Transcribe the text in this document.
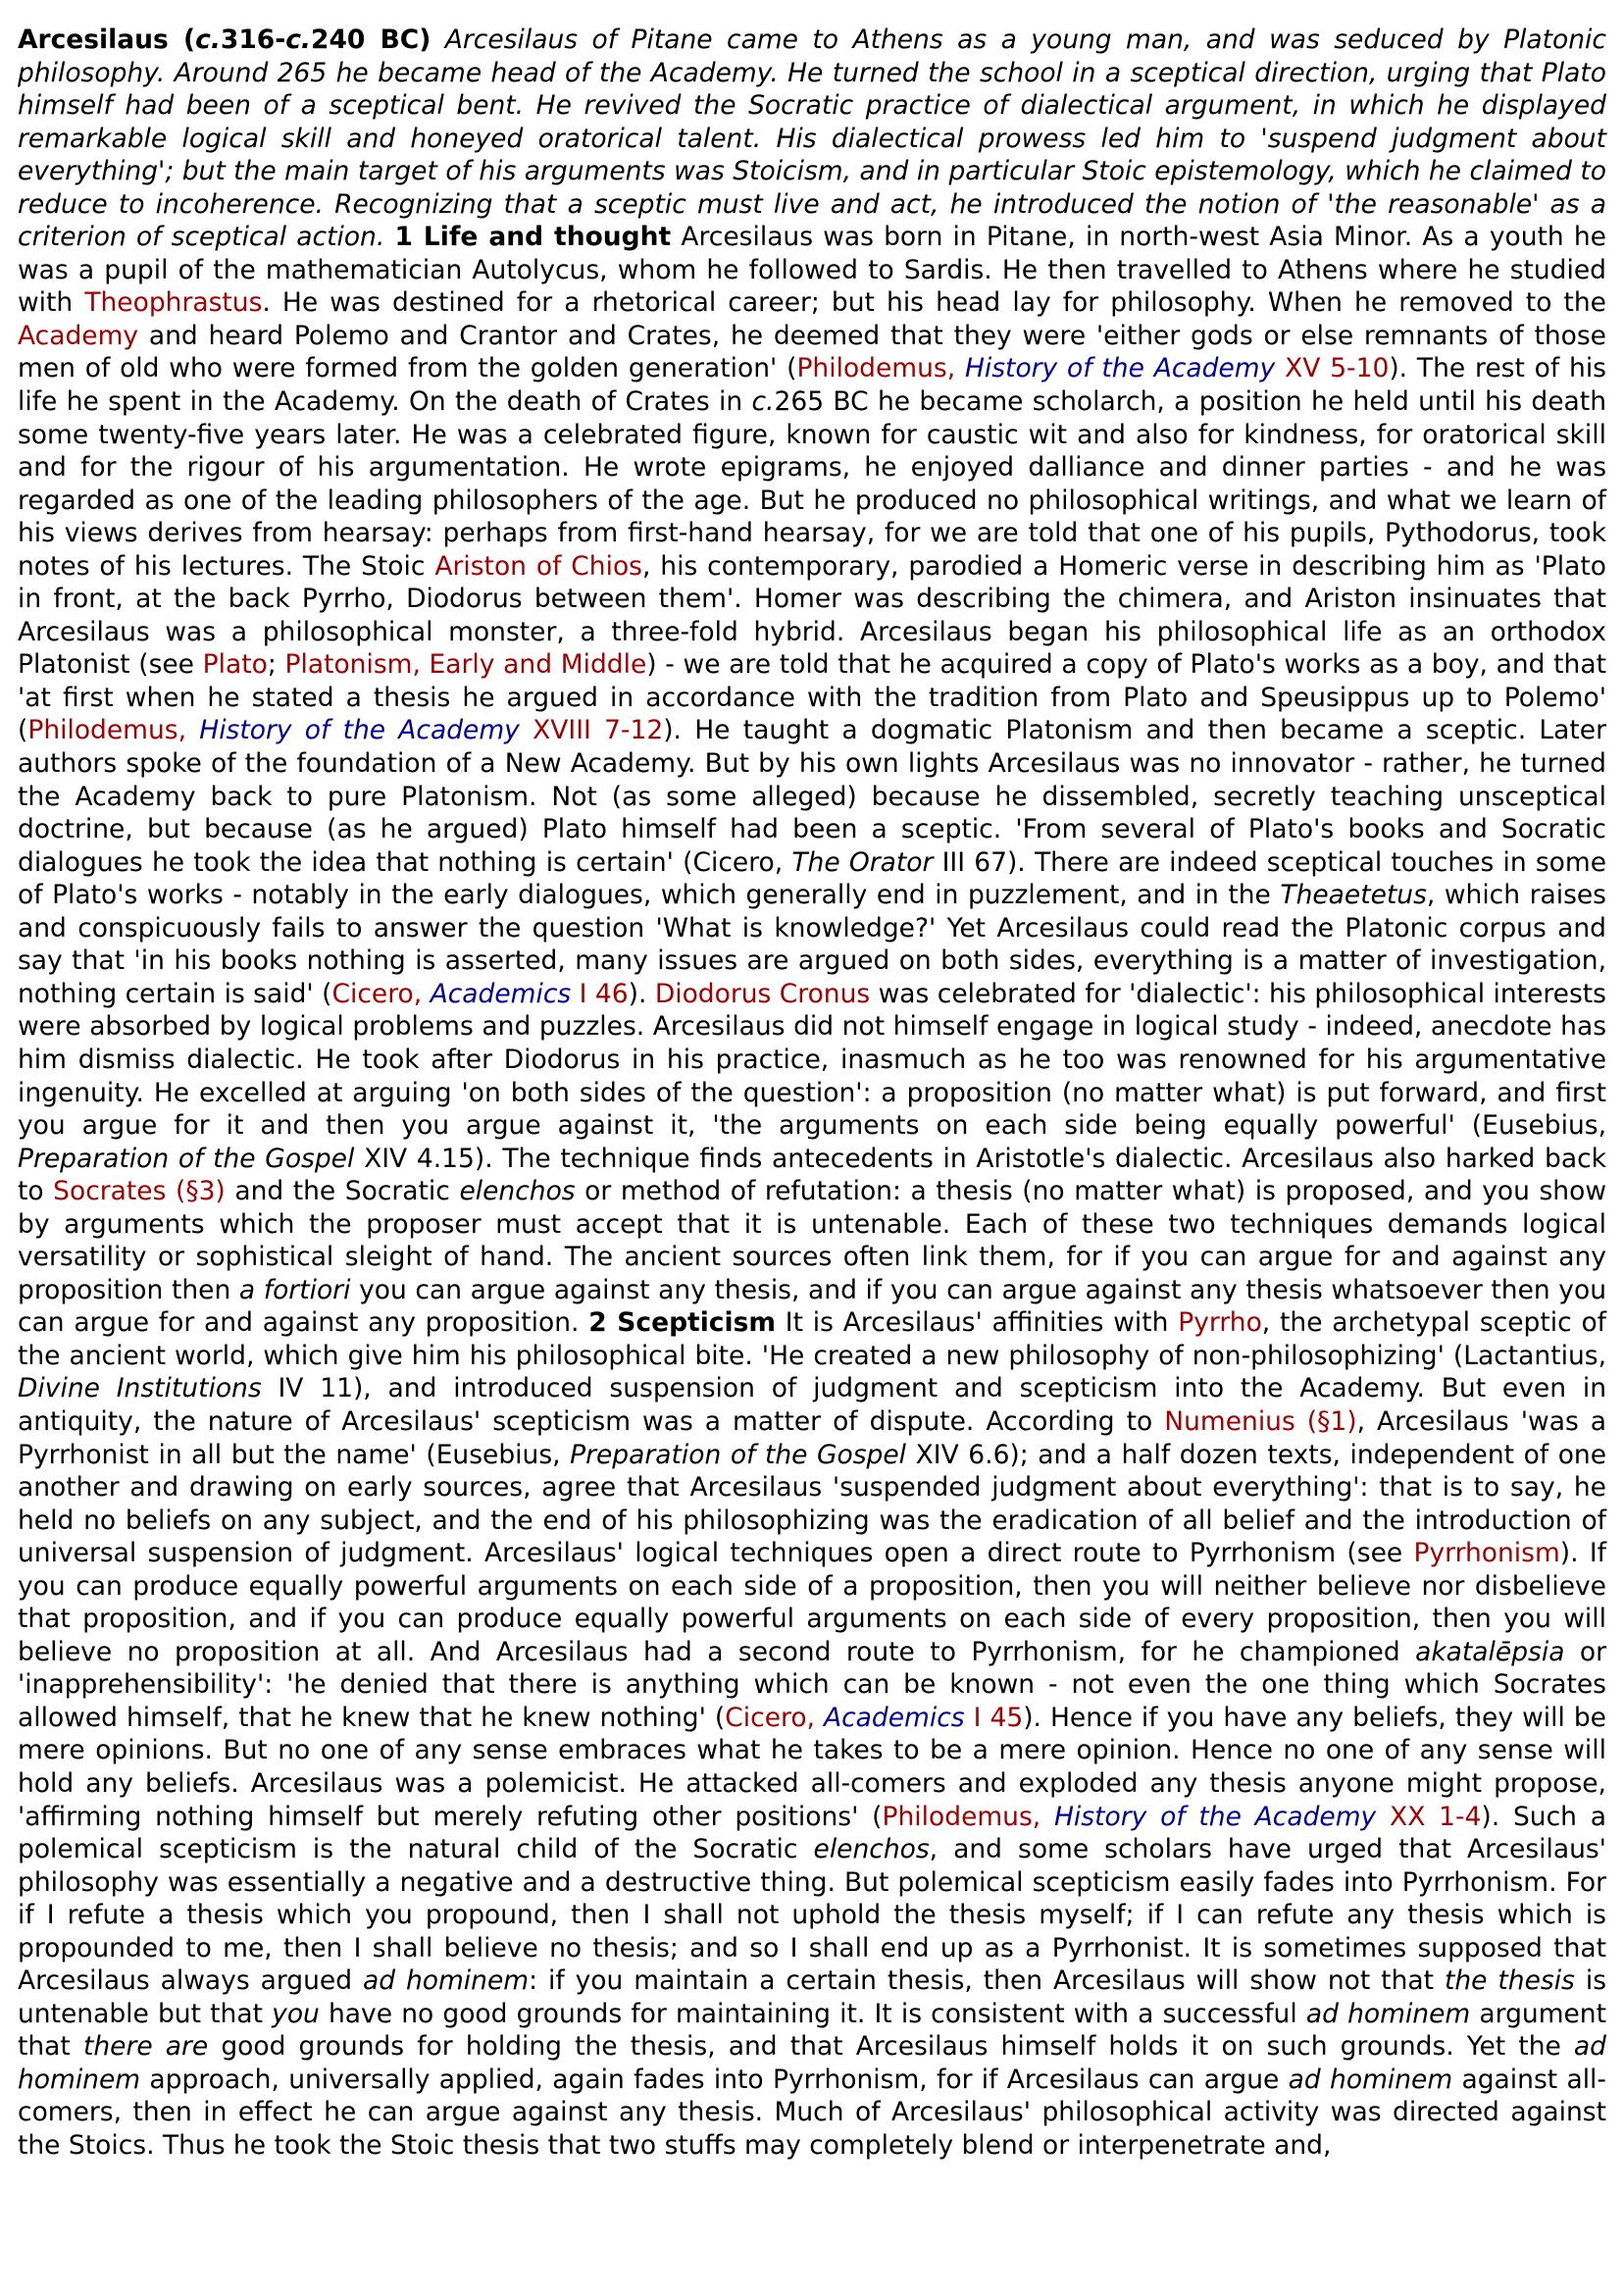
Arcesilaus (c.316-c.240 BC) Arcesilaus of Pitane came to Athens as a young man, and was seduced by Platonic philosophy. Around 265 he became head of the Academy. He turned the school in a sceptical direction, urging that Plato himself had been of a sceptical bent. He revived the Socratic practice of dialectical argument, in which he displayed remarkable logical skill and honeyed oratorical talent. His dialectical prowess led him to 'suspend judgment about everything'; but the main target of his arguments was Stoicism, and in particular Stoic epistemology, which he claimed to reduce to incoherence. Recognizing that a sceptic must live and act, he introduced the notion of 'the reasonable' as a criterion of sceptical action. 1 Life and thought Arcesilaus was born in Pitane, in north-west Asia Minor. As a youth he was a pupil of the mathematician Autolycus, whom he followed to Sardis. He then travelled to Athens where he studied with Theophrastus. He was destined for a rhetorical career; but his head lay for philosophy. When he removed to the Academy and heard Polemo and Crantor and Crates, he deemed that they were 'either gods or else remnants of those men of old who were formed from the golden generation' (Philodemus, History of the Academy XV 5-10). The rest of his life he spent in the Academy. On the death of Crates in c.265 BC he became scholarch, a position he held until his death some twenty-five years later. He was a celebrated figure, known for caustic wit and also for kindness, for oratorical skill and for the rigour of his argumentation. He wrote epigrams, he enjoyed dalliance and dinner parties - and he was regarded as one of the leading philosophers of the age. But he produced no philosophical writings, and what we learn of his views derives from hearsay: perhaps from first-hand hearsay, for we are told that one of his pupils, Pythodorus, took notes of his lectures. The Stoic Ariston of Chios, his contemporary, parodied a Homeric verse in describing him as 'Plato in front, at the back Pyrrho, Diodorus between them'. Homer was describing the chimera, and Ariston insinuates that Arcesilaus was a philosophical monster, a three-fold hybrid. Arcesilaus began his philosophical life as an orthodox Platonist (see Plato; Platonism, Early and Middle) - we are told that he acquired a copy of Plato's works as a boy, and that 'at first when he stated a thesis he argued in accordance with the tradition from Plato and Speusippus up to Polemo' (Philodemus, History of the Academy XVIII 7-12). He taught a dogmatic Platonism and then became a sceptic. Later authors spoke of the foundation of a New Academy. But by his own lights Arcesilaus was no innovator - rather, he turned the Academy back to pure Platonism. Not (as some alleged) because he dissembled, secretly teaching unsceptical doctrine, but because (as he argued) Plato himself had been a sceptic. 'From several of Plato's books and Socratic dialogues he took the idea that nothing is certain' (Cicero, The Orator III 67). There are indeed sceptical touches in some of Plato's works - notably in the early dialogues, which generally end in puzzlement, and in the Theaetetus, which raises and conspicuously fails to answer the question 'What is knowledge?' Yet Arcesilaus could read the Platonic corpus and say that 'in his books nothing is asserted, many issues are argued on both sides, everything is a matter of investigation, nothing certain is said' (Cicero, Academics I 46). Diodorus Cronus was celebrated for 'dialectic': his philosophical interests were absorbed by logical problems and puzzles. Arcesilaus did not himself engage in logical study - indeed, anecdote has him dismiss dialectic. He took after Diodorus in his practice, inasmuch as he too was renowned for his argumentative ingenuity. He excelled at arguing 'on both sides of the question': a proposition (no matter what) is put forward, and first you argue for it and then you argue against it, 'the arguments on each side being equally powerful' (Eusebius, Preparation of the Gospel XIV 4.15). The technique finds antecedents in Aristotle's dialectic. Arcesilaus also harked back to Socrates (§3) and the Socratic elenchos or method of refutation: a thesis (no matter what) is proposed, and you show by arguments which the proposer must accept that it is untenable. Each of these two techniques demands logical versatility or sophistical sleight of hand. The ancient sources often link them, for if you can argue for and against any proposition then a fortiori you can argue against any thesis, and if you can argue against any thesis whatsoever then you can argue for and against any proposition. 2 Scepticism It is Arcesilaus' affinities with Pyrrho, the archetypal sceptic of the ancient world, which give him his philosophical bite. 'He created a new philosophy of non-philosophizing' (Lactantius, Divine Institutions IV 11), and introduced suspension of judgment and scepticism into the Academy. But even in antiquity, the nature of Arcesilaus' scepticism was a matter of dispute. According to Numenius (§1), Arcesilaus 'was a Pyrrhonist in all but the name' (Eusebius, Preparation of the Gospel XIV 6.6); and a half dozen texts, independent of one another and drawing on early sources, agree that Arcesilaus 'suspended judgment about everything': that is to say, he held no beliefs on any subject, and the end of his philosophizing was the eradication of all belief and the introduction of universal suspension of judgment. Arcesilaus' logical techniques open a direct route to Pyrrhonism (see Pyrrhonism). If you can produce equally powerful arguments on each side of a proposition, then you will neither believe nor disbelieve that proposition, and if you can produce equally powerful arguments on each side of every proposition, then you will believe no proposition at all. And Arcesilaus had a second route to Pyrrhonism, for he championed akatalēpsia or 'inapprehensibility': 'he denied that there is anything which can be known - not even the one thing which Socrates allowed himself, that he knew that he knew nothing' (Cicero, Academics I 45). Hence if you have any beliefs, they will be mere opinions. But no one of any sense embraces what he takes to be a mere opinion. Hence no one of any sense will hold any beliefs. Arcesilaus was a polemicist. He attacked all-comers and exploded any thesis anyone might propose, 'affirming nothing himself but merely refuting other positions' (Philodemus, History of the Academy XX 1-4). Such a polemical scepticism is the natural child of the Socratic elenchos, and some scholars have urged that Arcesilaus' philosophy was essentially a negative and a destructive thing. But polemical scepticism easily fades into Pyrrhonism. For if I refute a thesis which you propound, then I shall not uphold the thesis myself; if I can refute any thesis which is propounded to me, then I shall believe no thesis; and so I shall end up as a Pyrrhonist. It is sometimes supposed that Arcesilaus always argued ad hominem: if you maintain a certain thesis, then Arcesilaus will show not that the thesis is untenable but that you have no good grounds for maintaining it. It is consistent with a successful ad hominem argument that there are good grounds for holding the thesis, and that Arcesilaus himself holds it on such grounds. Yet the ad hominem approach, universally applied, again fades into Pyrrhonism, for if Arcesilaus can argue ad hominem against all-comers, then in effect he can argue against any thesis. Much of Arcesilaus' philosophical activity was directed against the Stoics. Thus he took the Stoic thesis that two stuffs may completely blend or interpenetrate and,
